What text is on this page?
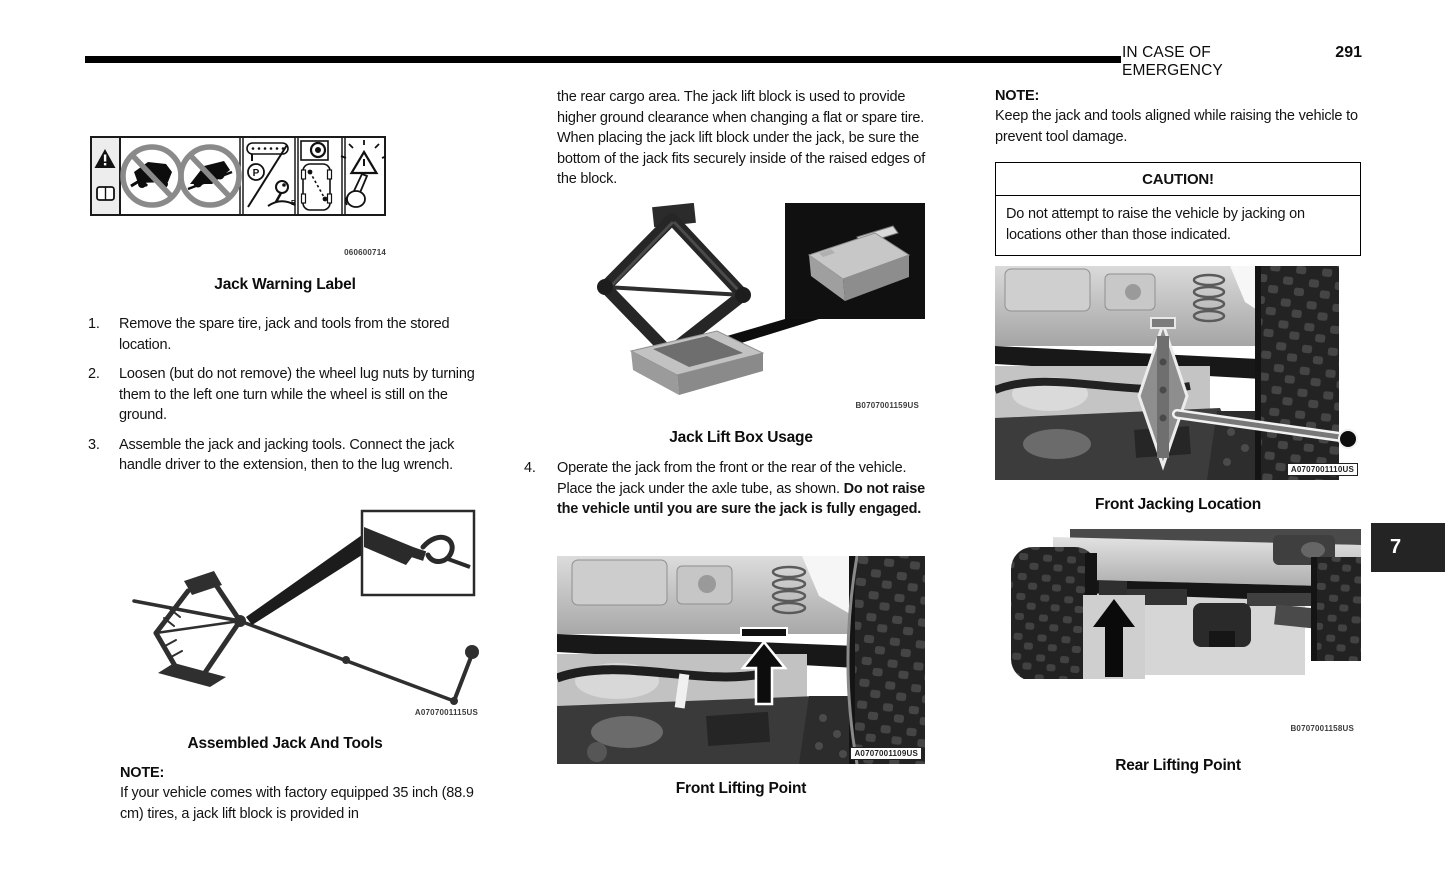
IN CASE OF EMERGENCY
291
P
R
060600714
Jack Warning Label
1.	Remove the spare tire, jack and tools from the stored location.
2.	Loosen (but do not remove) the wheel lug nuts by turning them to the left one turn while the wheel is still on the ground.
3.	Assemble the jack and jacking tools. Connect the jack handle driver to the extension, then to the lug wrench.
A0707001115US
Assembled Jack And Tools
NOTE:
If your vehicle comes with factory equipped 35 inch (88.9 cm) tires, a jack lift block is provided in
the rear cargo area. The jack lift block is used to provide higher ground clearance when changing a flat or spare tire. When placing the jack lift block under the jack, be sure the bottom of the jack fits securely inside of the raised edges of the block.
B0707001159US
Jack Lift Box Usage
4.	Operate the jack from the front or the rear of the vehicle. Place the jack under the axle tube, as shown. Do not raise the vehicle until you are sure the jack is fully engaged.
A0707001109US
Front Lifting Point
NOTE:
Keep the jack and tools aligned while raising the vehicle to prevent tool damage.
CAUTION!
Do not attempt to raise the vehicle by jacking on locations other than those indicated.
A0707001110US
Front Jacking Location
B0707001158US
Rear Lifting Point
7
